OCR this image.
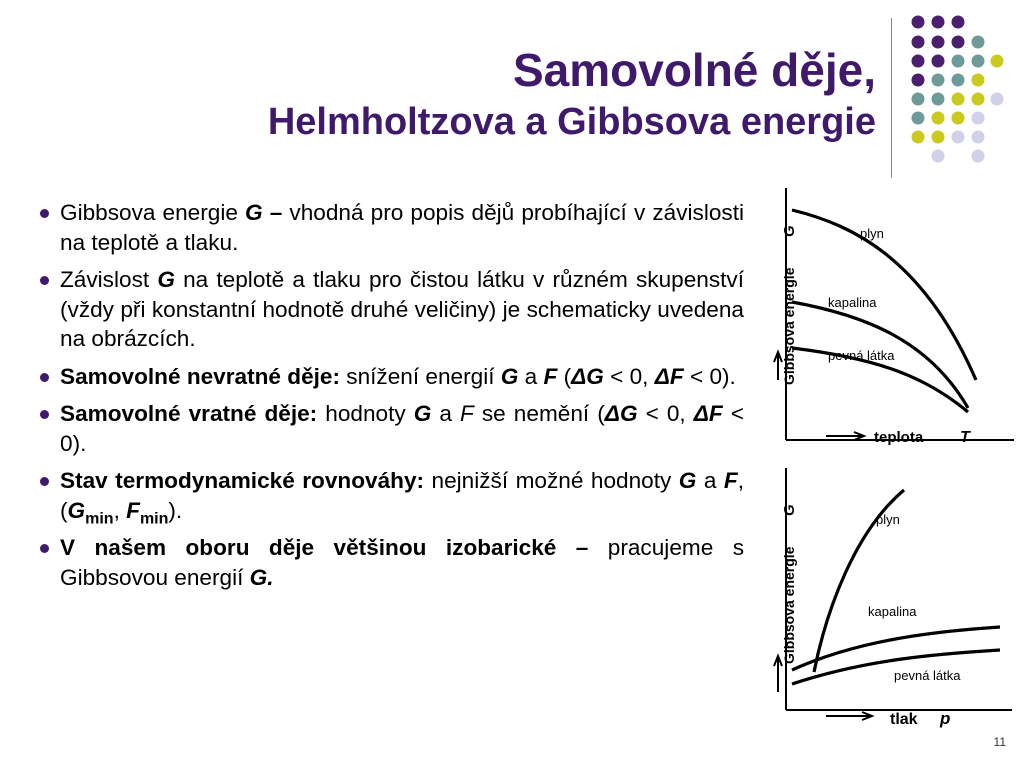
Samovolné děje,
Helmholtzova a Gibbsova energie
Gibbsova energie G – vhodná pro popis dějů probíhající v závislosti na teplotě a tlaku.
Závislost G na teplotě a tlaku pro čistou látku v různém skupenství (vždy při konstantní hodnotě druhé veličiny) je schematicky uvedena na obrázcích.
Samovolné nevratné děje: snížení energií G a F (ΔG < 0, ΔF < 0).
Samovolné vratné děje: hodnoty G a F se nemění (ΔG < 0, ΔF < 0).
Stav termodynamické rovnováhy: nejnižší možné hodnoty G a F, ($G_{min}$, $F_{min}$).
V našem oboru děje většinou izobarické – pracujeme s Gibbsovou energií G.
Gibbsova energie
G	plyn
kapalina
pevná látka
teplota T
Gibbsova energie
G
plyn
kapalina
pevná látka
tlak p
11
